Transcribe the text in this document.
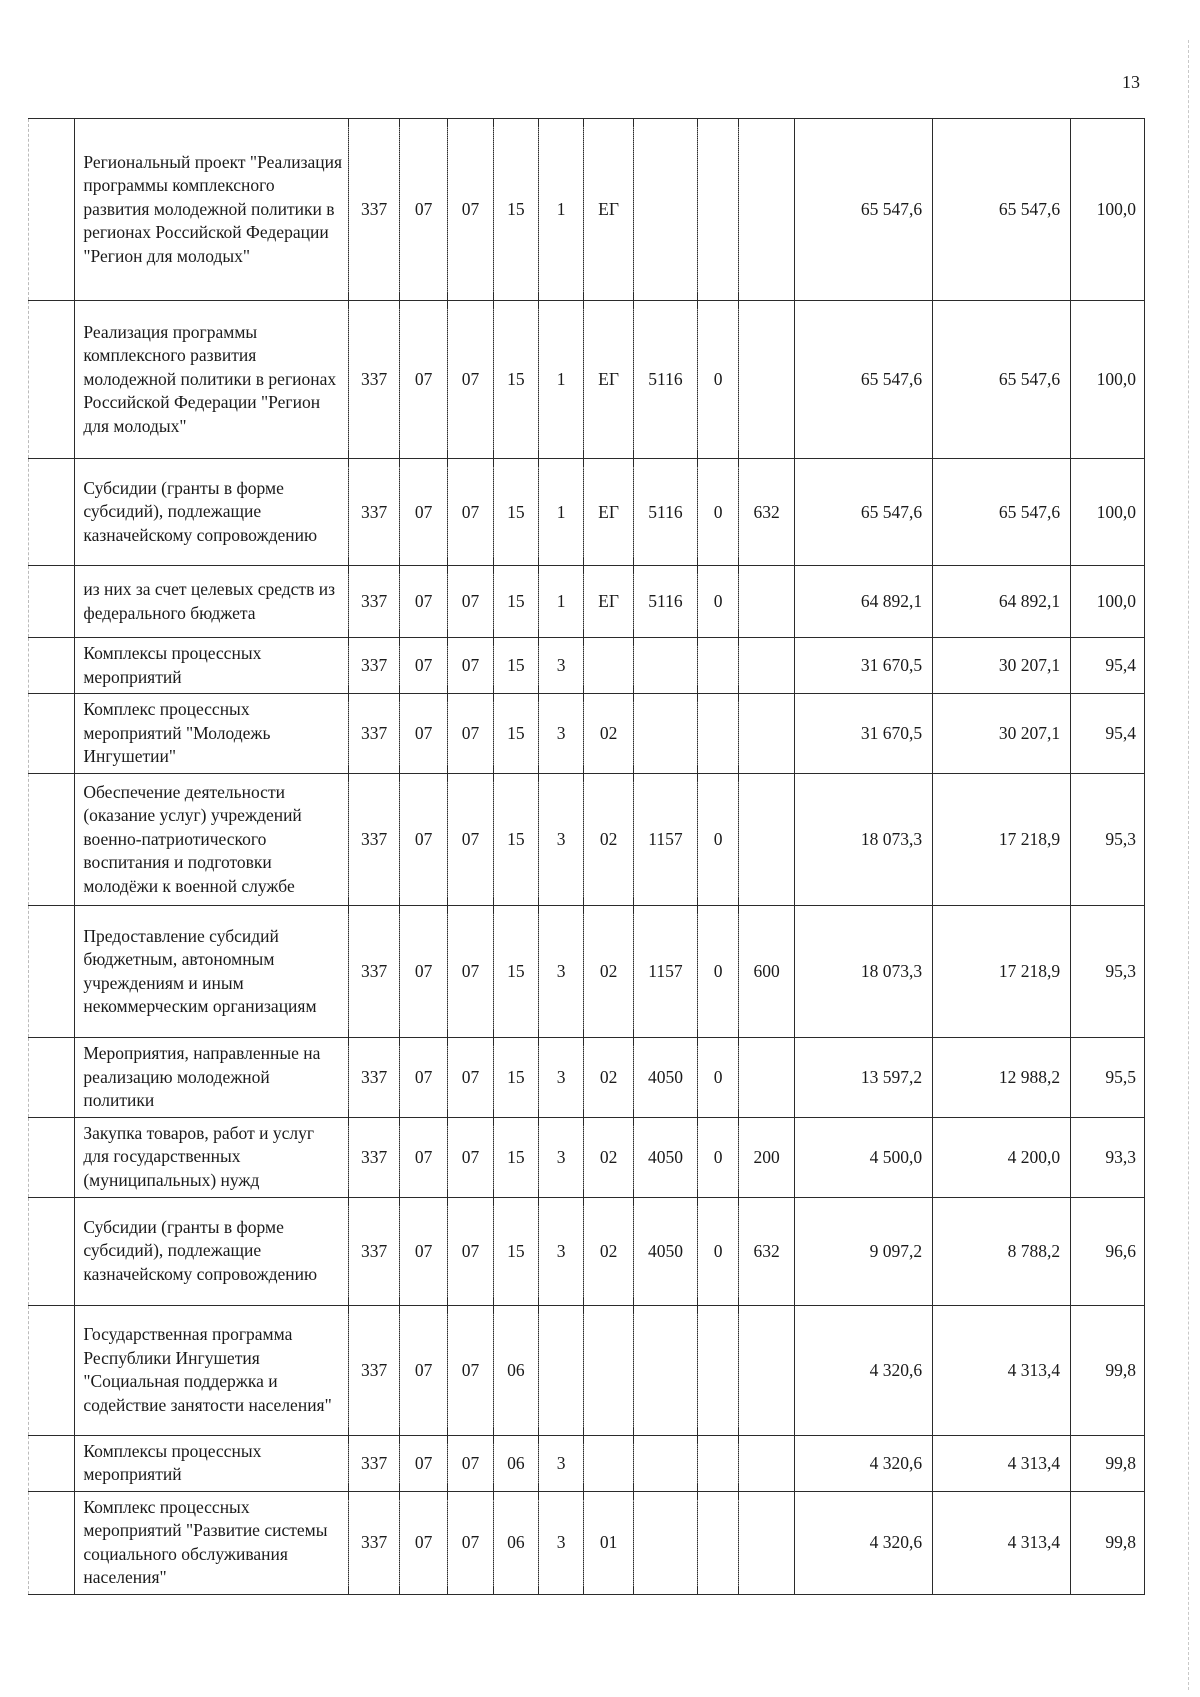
13
	Региональный проект "Реализация программы комплексного развития молодежной политики в регионах Российской Федерации "Регион для молодых"	337	07	07	15	1	ЕГ				65 547,6	65 547,6	100,0
	Реализация программы комплексного развития молодежной политики в регионах Российской Федерации "Регион для молодых"	337	07	07	15	1	ЕГ	5116	0		65 547,6	65 547,6	100,0
	Субсидии (гранты в форме субсидий), подлежащие казначейскому сопровождению	337	07	07	15	1	ЕГ	5116	0	632	65 547,6	65 547,6	100,0
	из них за счет целевых средств из федерального бюджета	337	07	07	15	1	ЕГ	5116	0		64 892,1	64 892,1	100,0
	Комплексы процессных мероприятий	337	07	07	15	3					31 670,5	30 207,1	95,4
	Комплекс процессных мероприятий "Молодежь Ингушетии"	337	07	07	15	3	02				31 670,5	30 207,1	95,4
	Обеспечение деятельности (оказание услуг) учреждений военно-патриотического воспитания и подготовки молодёжи к военной службе	337	07	07	15	3	02	1157	0		18 073,3	17 218,9	95,3
	Предоставление субсидий бюджетным, автономным учреждениям и иным некоммерческим организациям	337	07	07	15	3	02	1157	0	600	18 073,3	17 218,9	95,3
	Мероприятия, направленные на реализацию молодежной политики	337	07	07	15	3	02	4050	0		13 597,2	12 988,2	95,5
	Закупка товаров, работ и услуг для государственных (муниципальных) нужд	337	07	07	15	3	02	4050	0	200	4 500,0	4 200,0	93,3
	Субсидии (гранты в форме субсидий), подлежащие казначейскому сопровождению	337	07	07	15	3	02	4050	0	632	9 097,2	8 788,2	96,6
	Государственная программа Республики Ингушетия "Социальная поддержка и содействие занятости населения"	337	07	07	06						4 320,6	4 313,4	99,8
	Комплексы процессных мероприятий	337	07	07	06	3					4 320,6	4 313,4	99,8
	Комплекс процессных мероприятий "Развитие системы социального обслуживания населения"	337	07	07	06	3	01				4 320,6	4 313,4	99,8
